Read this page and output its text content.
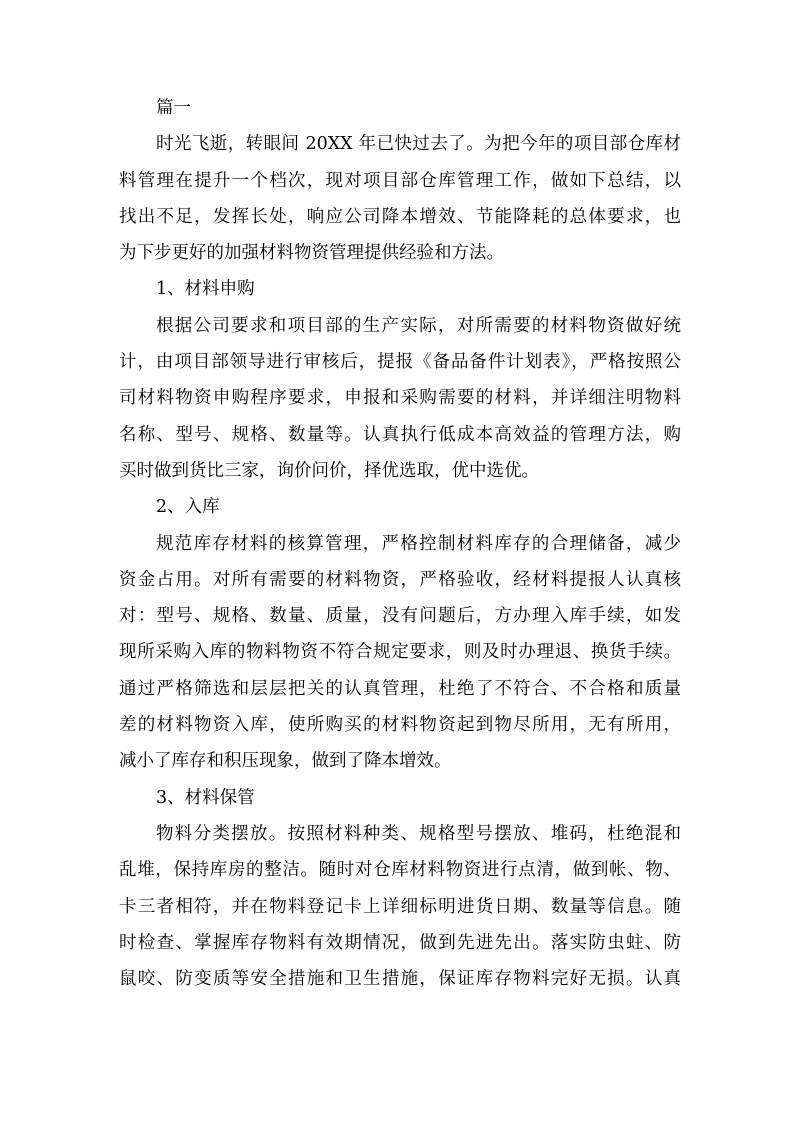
篇一

时光飞逝，转眼间 20XX 年已快过去了。为把今年的项目部仓库材

料管理在提升一个档次，现对项目部仓库管理工作，做如下总结，以

找出不足，发挥长处，响应公司降本增效、节能降耗的总体要求，也

为下步更好的加强材料物资管理提供经验和方法。

1、材料申购

根据公司要求和项目部的生产实际，对所需要的材料物资做好统

计，由项目部领导进行审核后，提报《备品备件计划表》，严格按照公

司材料物资申购程序要求，申报和采购需要的材料，并详细注明物料

名称、型号、规格、数量等。认真执行低成本高效益的管理方法，购

买时做到货比三家，询价问价，择优选取，优中选优。

2、入库

规范库存材料的核算管理，严格控制材料库存的合理储备，减少

资金占用。对所有需要的材料物资，严格验收，经材料提报人认真核

对：型号、规格、数量、质量，没有问题后，方办理入库手续，如发

现所采购入库的物料物资不符合规定要求，则及时办理退、换货手续。

通过严格筛选和层层把关的认真管理，杜绝了不符合、不合格和质量

差的材料物资入库，使所购买的材料物资起到物尽所用，无有所用，

减小了库存和积压现象，做到了降本增效。

3、材料保管

物料分类摆放。按照材料种类、规格型号摆放、堆码，杜绝混和

乱堆，保持库房的整洁。随时对仓库材料物资进行点清，做到帐、物、

卡三者相符，并在物料登记卡上详细标明进货日期、数量等信息。随

时检查、掌握库存物料有效期情况，做到先进先出。落实防虫蛀、防

鼠咬、防变质等安全措施和卫生措施，保证库存物料完好无损。认真
